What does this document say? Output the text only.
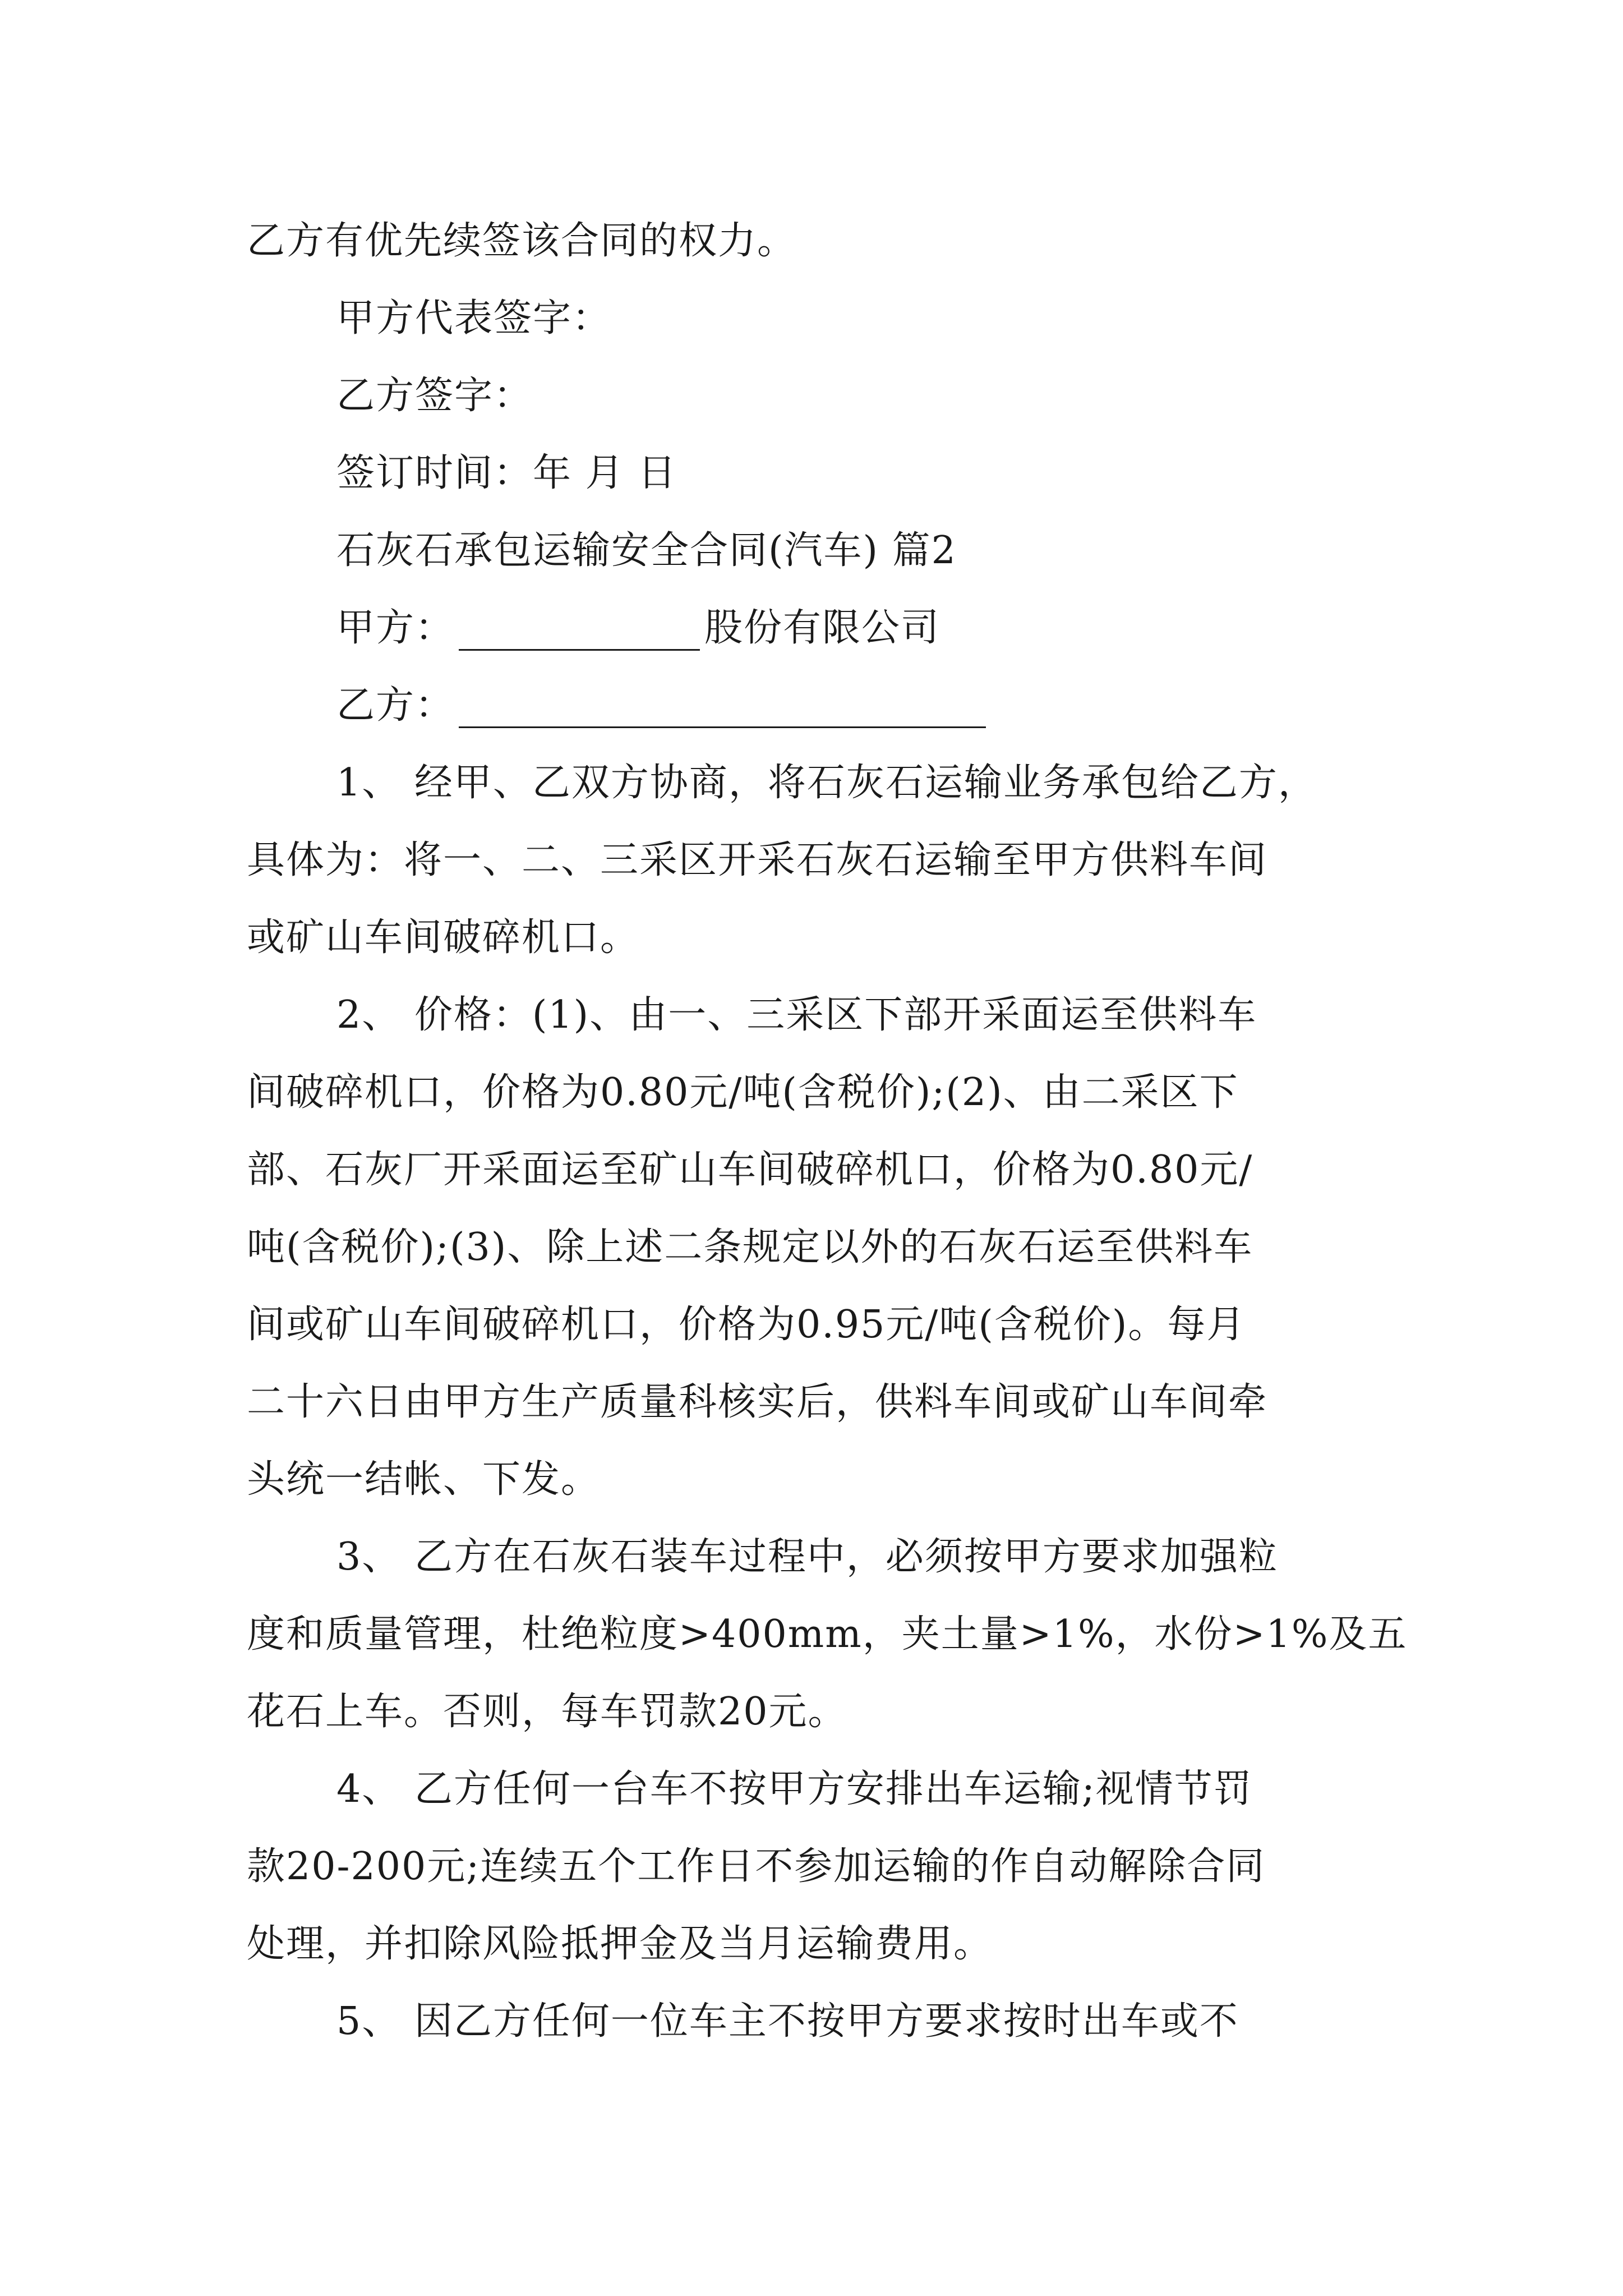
乙方有优先续签该合同的权力。
甲方代表签字：
乙方签字：
签订时间：年 月 日
石灰石承包运输安全合同(汽车) 篇2
甲方：	股份有限公司
乙方：
1、 经甲、乙双方协商，将石灰石运输业务承包给乙方，
具体为：将一、二、三采区开采石灰石运输至甲方供料车间
或矿山车间破碎机口。
2、 价格：(1)、由一、三采区下部开采面运至供料车
间破碎机口，价格为0.80元/吨(含税价);(2)、由二采区下
部、石灰厂开采面运至矿山车间破碎机口，价格为0.80元/
吨(含税价);(3)、除上述二条规定以外的石灰石运至供料车
间或矿山车间破碎机口，价格为0.95元/吨(含税价)。每月
二十六日由甲方生产质量科核实后，供料车间或矿山车间牵
头统一结帐、下发。
3、 乙方在石灰石装车过程中，必须按甲方要求加强粒
度和质量管理，杜绝粒度>400mm，夹土量>1%，水份>1%及五
花石上车。否则，每车罚款20元。
4、 乙方任何一台车不按甲方安排出车运输;视情节罚
款20-200元;连续五个工作日不参加运输的作自动解除合同
处理，并扣除风险抵押金及当月运输费用。
5、 因乙方任何一位车主不按甲方要求按时出车或不
